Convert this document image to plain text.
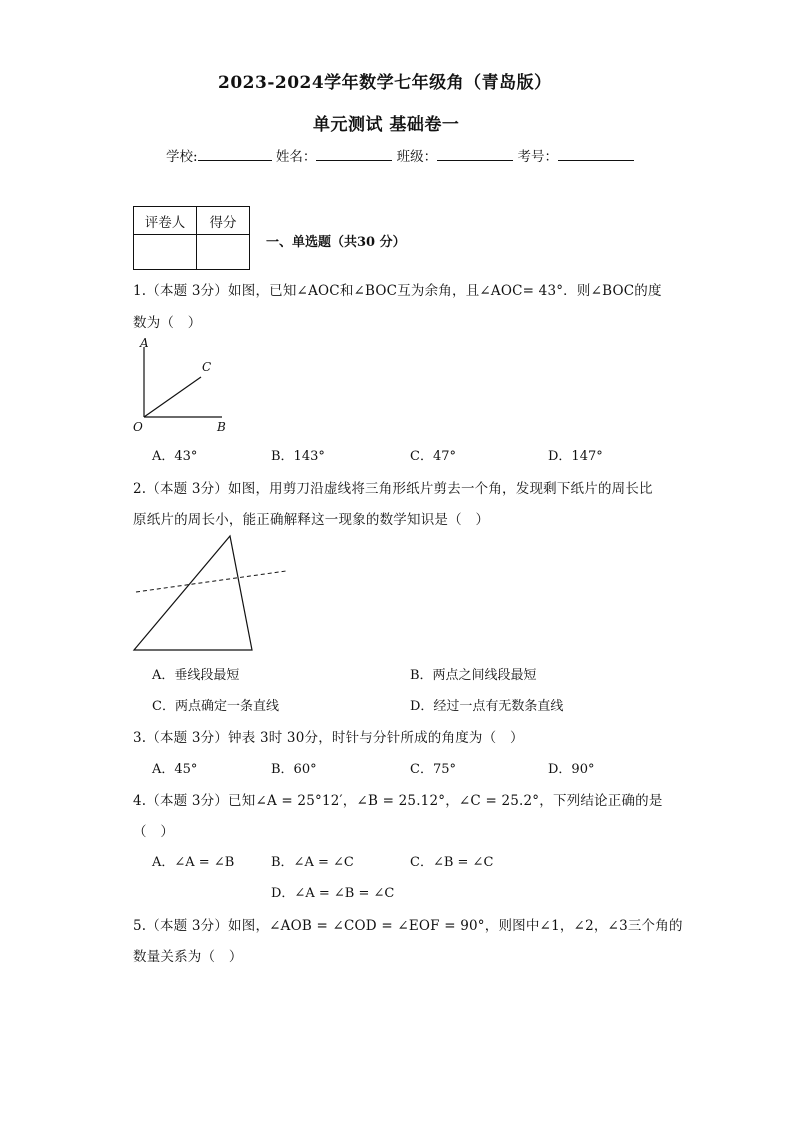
2023-2024学年数学七年级角（青岛版）
单元测试 基础卷一
学校:	姓名：	班级：	考号：
评卷人	得分

一、单选题（共30 分）
1.（本题 3分）如图，已知∠AOC和∠BOC互为余角，且∠AOC= 43°．则∠BOC的度
数为（　）
A
C
O	B
A．43°	B．143°	C．47°	D．147°
2.（本题 3分）如图，用剪刀沿虚线将三角形纸片剪去一个角，发现剩下纸片的周长比
原纸片的周长小，能正确解释这一现象的数学知识是（　）
A．垂线段最短	B．两点之间线段最短
C．两点确定一条直线	D．经过一点有无数条直线
3.（本题 3分）钟表 3时 30分，时针与分针所成的角度为（　）
A．45°	B．60°	C．75°	D．90°
4.（本题 3分）已知∠A = 25°12′，∠B = 25.12°，∠C = 25.2°，下列结论正确的是
（　）
A．∠A = ∠B	B．∠A = ∠C	C．∠B = ∠C
D．∠A = ∠B = ∠C
5.（本题 3分）如图，∠AOB = ∠COD = ∠EOF = 90°，则图中∠1，∠2，∠3三个角的
数量关系为（　）
